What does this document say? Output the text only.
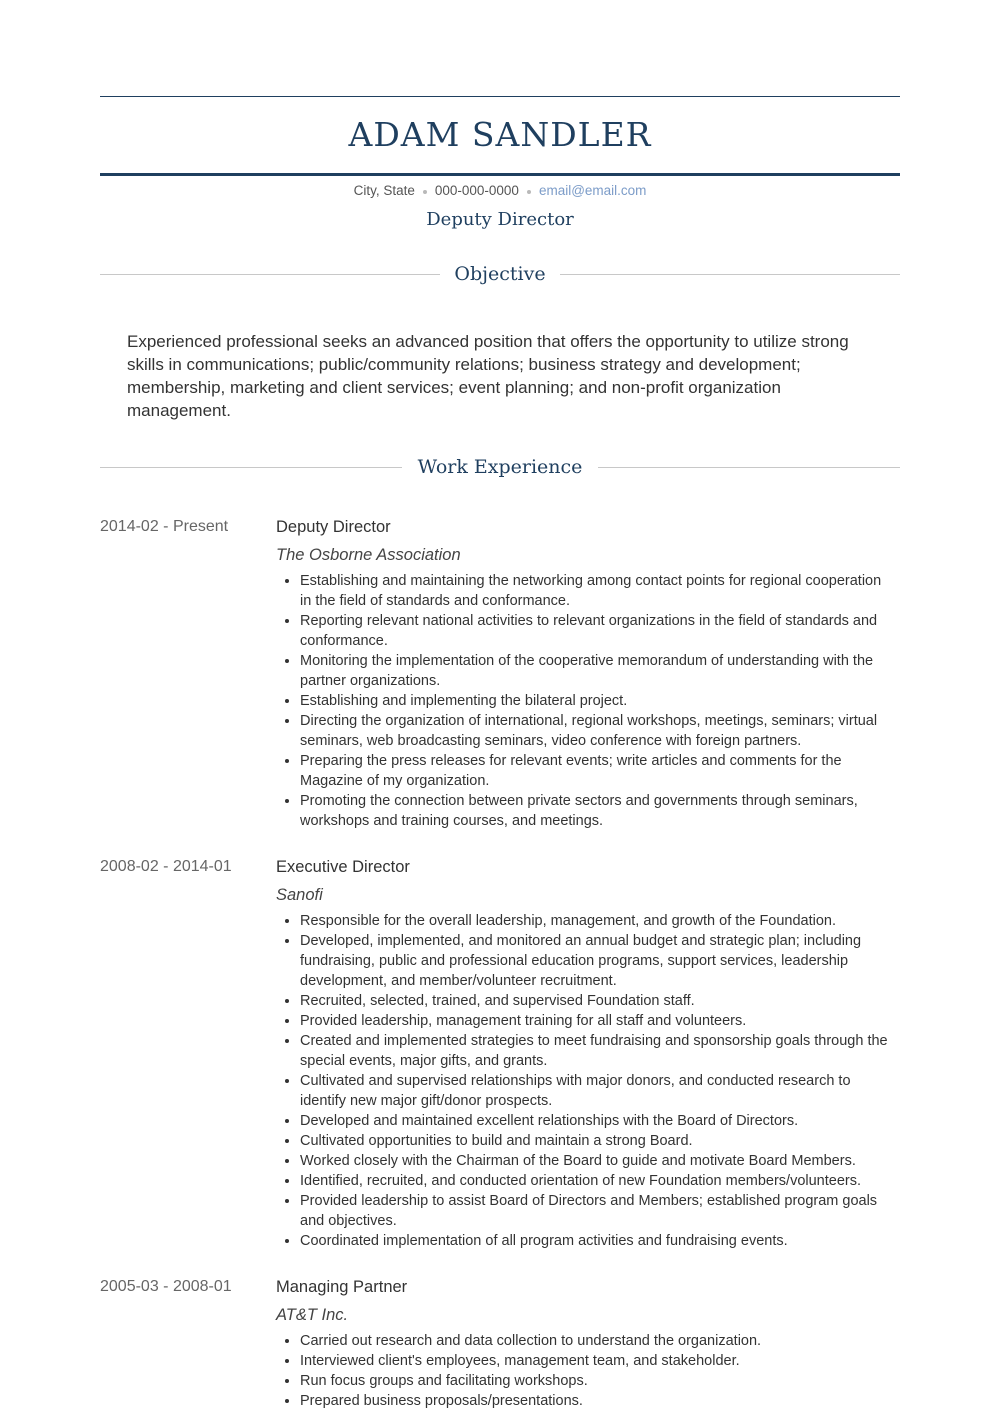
ADAM SANDLER
City, State 000-000-0000 email@email.com
Deputy Director
Objective
Experienced professional seeks an advanced position that offers the opportunity to utilize strong skills in communications; public/community relations; business strategy and development; membership, marketing and client services; event planning; and non-profit organization management.
Work Experience
2014-02 - Present	Deputy Director
The Osborne Association
• Establishing and maintaining the networking among contact points for regional cooperation in the field of standards and conformance.
• Reporting relevant national activities to relevant organizations in the field of standards and conformance.
• Monitoring the implementation of the cooperative memorandum of understanding with the partner organizations.
• Establishing and implementing the bilateral project.
• Directing the organization of international, regional workshops, meetings, seminars; virtual seminars, web broadcasting seminars, video conference with foreign partners.
• Preparing the press releases for relevant events; write articles and comments for the Magazine of my organization.
• Promoting the connection between private sectors and governments through seminars, workshops and training courses, and meetings.
2008-02 - 2014-01	Executive Director
Sanofi
• Responsible for the overall leadership, management, and growth of the Foundation.
• Developed, implemented, and monitored an annual budget and strategic plan; including fundraising, public and professional education programs, support services, leadership development, and member/volunteer recruitment.
• Recruited, selected, trained, and supervised Foundation staff.
• Provided leadership, management training for all staff and volunteers.
• Created and implemented strategies to meet fundraising and sponsorship goals through the special events, major gifts, and grants.
• Cultivated and supervised relationships with major donors, and conducted research to identify new major gift/donor prospects.
• Developed and maintained excellent relationships with the Board of Directors.
• Cultivated opportunities to build and maintain a strong Board.
• Worked closely with the Chairman of the Board to guide and motivate Board Members.
• Identified, recruited, and conducted orientation of new Foundation members/volunteers.
• Provided leadership to assist Board of Directors and Members; established program goals and objectives.
• Coordinated implementation of all program activities and fundraising events.
2005-03 - 2008-01	Managing Partner
AT&T Inc.
• Carried out research and data collection to understand the organization.
• Interviewed client's employees, management team, and stakeholder.
• Run focus groups and facilitating workshops.
• Prepared business proposals/presentations.
